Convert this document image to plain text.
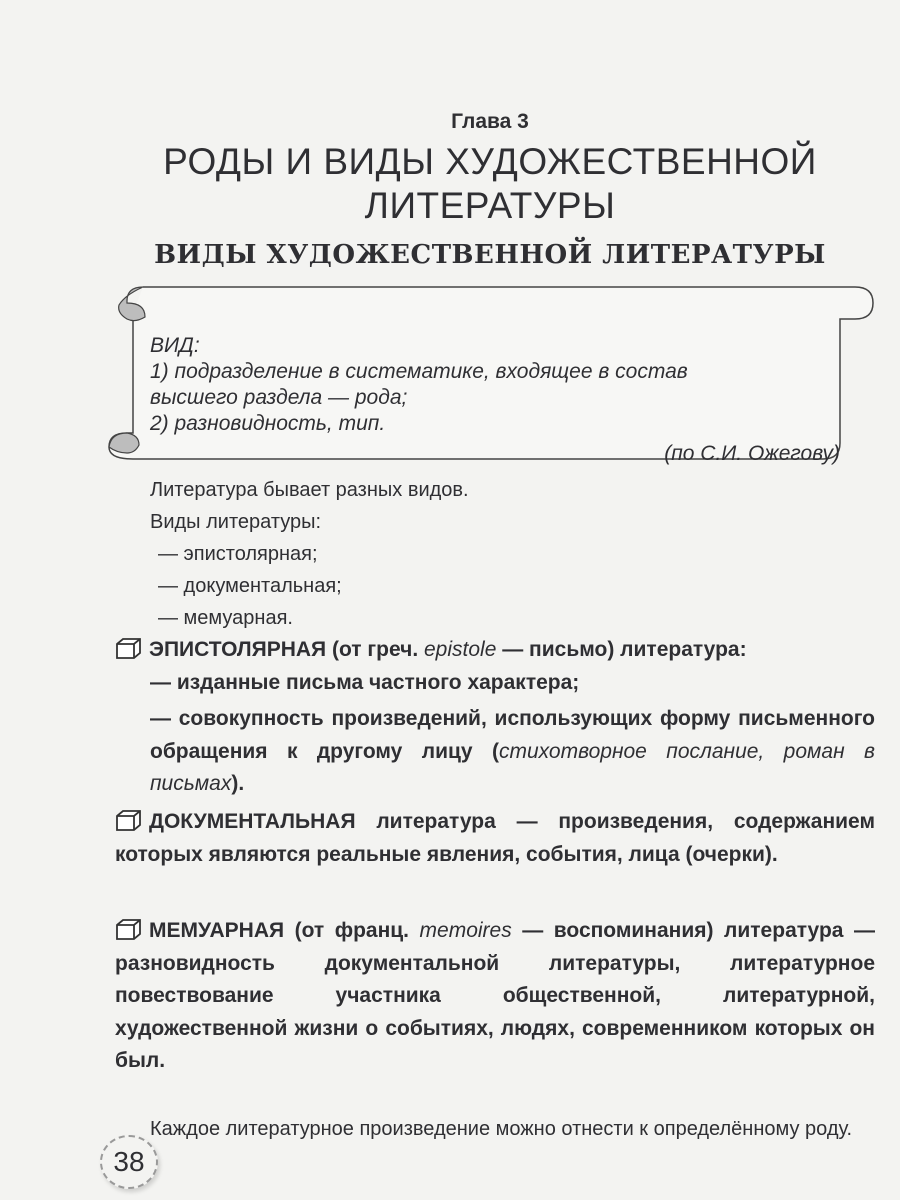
Глава 3
РОДЫ И ВИДЫ ХУДОЖЕСТВЕННОЙ
ЛИТЕРАТУРЫ
ВИДЫ ХУДОЖЕСТВЕННОЙ ЛИТЕРАТУРЫ
ВИД:
1) подразделение в систематике, входящее в состав
высшего раздела — рода;
2) разновидность, тип.
(по С.И. Ожегову)
Литература бывает разных видов.
Виды литературы:
— эпистолярная;
— документальная;
— мемуарная.
ЭПИСТОЛЯРНАЯ (от греч. epistole — письмо) литература:
— изданные письма частного характера;
— совокупность произведений, использующих форму письменного обращения к другому лицу (стихотворное послание, роман в письмах).
ДОКУМЕНТАЛЬНАЯ литература — произведения, содержанием которых являются реальные явления, события, лица (очерки).
МЕМУАРНАЯ (от франц. memoires — воспоминания) литература — разновидность документальной литературы, литературное повествование участника общественной, литературной, художественной жизни о событиях, людях, современником которых он был.
Каждое литературное произведение можно отнести к определённому роду.
38
